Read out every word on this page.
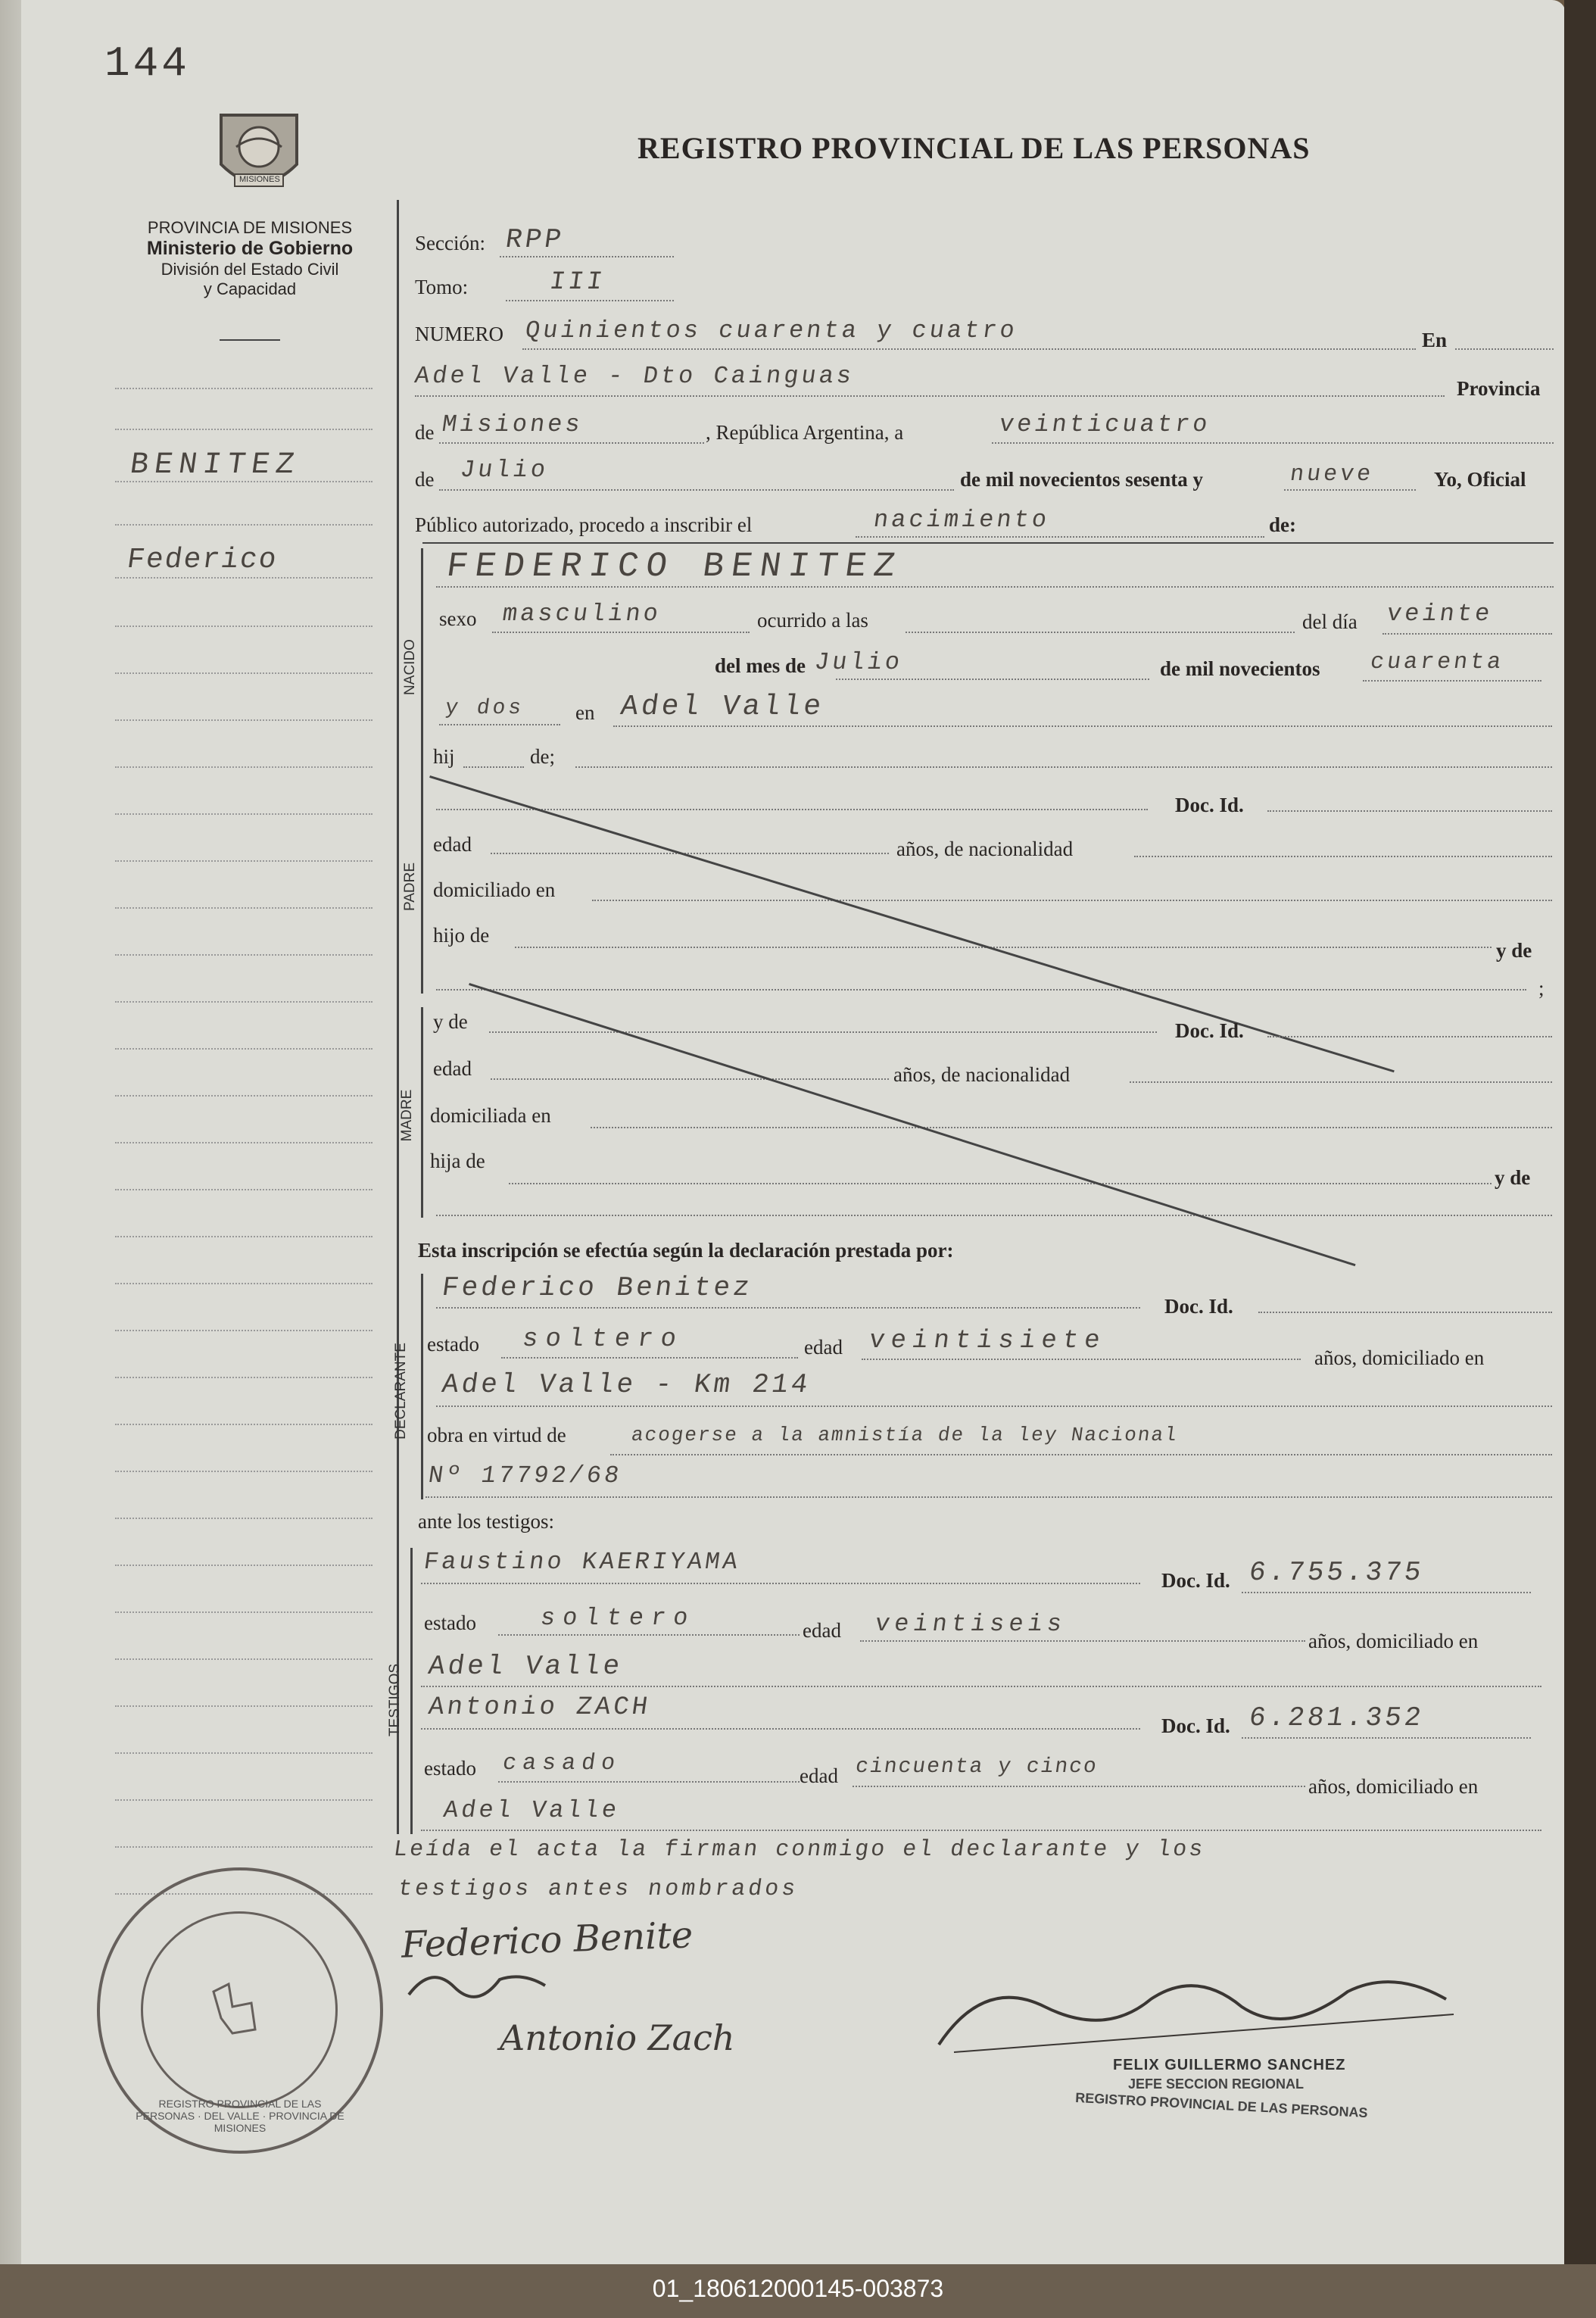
144
MISIONES
PROVINCIA DE MISIONES
Ministerio de Gobierno
División del Estado Civil
y Capacidad
REGISTRO PROVINCIAL DE LAS PERSONAS
BENITEZ
Federico
Sección: RPP
Tomo:	III
NUMERO Quinientos cuarenta y cuatro	En
Adel Valle - Dto Cainguas	Provincia
de Misiones	, República Argentina, a	veinticuatro
de Julio	de mil novecientos sesenta y	nueve	Yo, Oficial
Público autorizado, procedo a inscribir el	nacimiento	de:
NACIDO
FEDERICO BENITEZ
sexo masculino	ocurrido a las	del día veinte
del mes de Julio	de mil novecientos cuarenta
y dos en Adel Valle
hij	de;
PADRE
Doc. Id.
edad	años, de nacionalidad
domiciliado en
hijo de
y de
;
MADRE
y de	Doc. Id.
edad	años, de nacionalidad
domiciliada en
hija de
y de
Esta inscripción se efectúa según la declaración prestada por:
DECLARANTE
Federico Benitez
Doc. Id.
estado soltero	edad veintisiete
años, domiciliado en
Adel Valle - Km 214
obra en virtud de	acogerse a la amnistía de la ley Nacional
Nº 17792/68
ante los testigos:
TESTIGOS
Faustino KAERIYAMA
Doc. Id. 6.755.375
estado	soltero	edad veintiseis
años, domiciliado en
Adel Valle
Antonio ZACH
Doc. Id. 6.281.352
estado casado	edad cincuenta y cinco
años, domiciliado en
Adel Valle
Leída el acta la firman conmigo el declarante y los
testigos antes nombrados
Federico Benite
Antonio Zach
FELIX GUILLERMO SANCHEZ
JEFE SECCION REGIONAL
REGISTRO PROVINCIAL DE LAS PERSONAS
REGISTRO PROVINCIAL DE LAS PERSONAS · DEL VALLE · PROVINCIA DE MISIONES
01_180612000145-003873
